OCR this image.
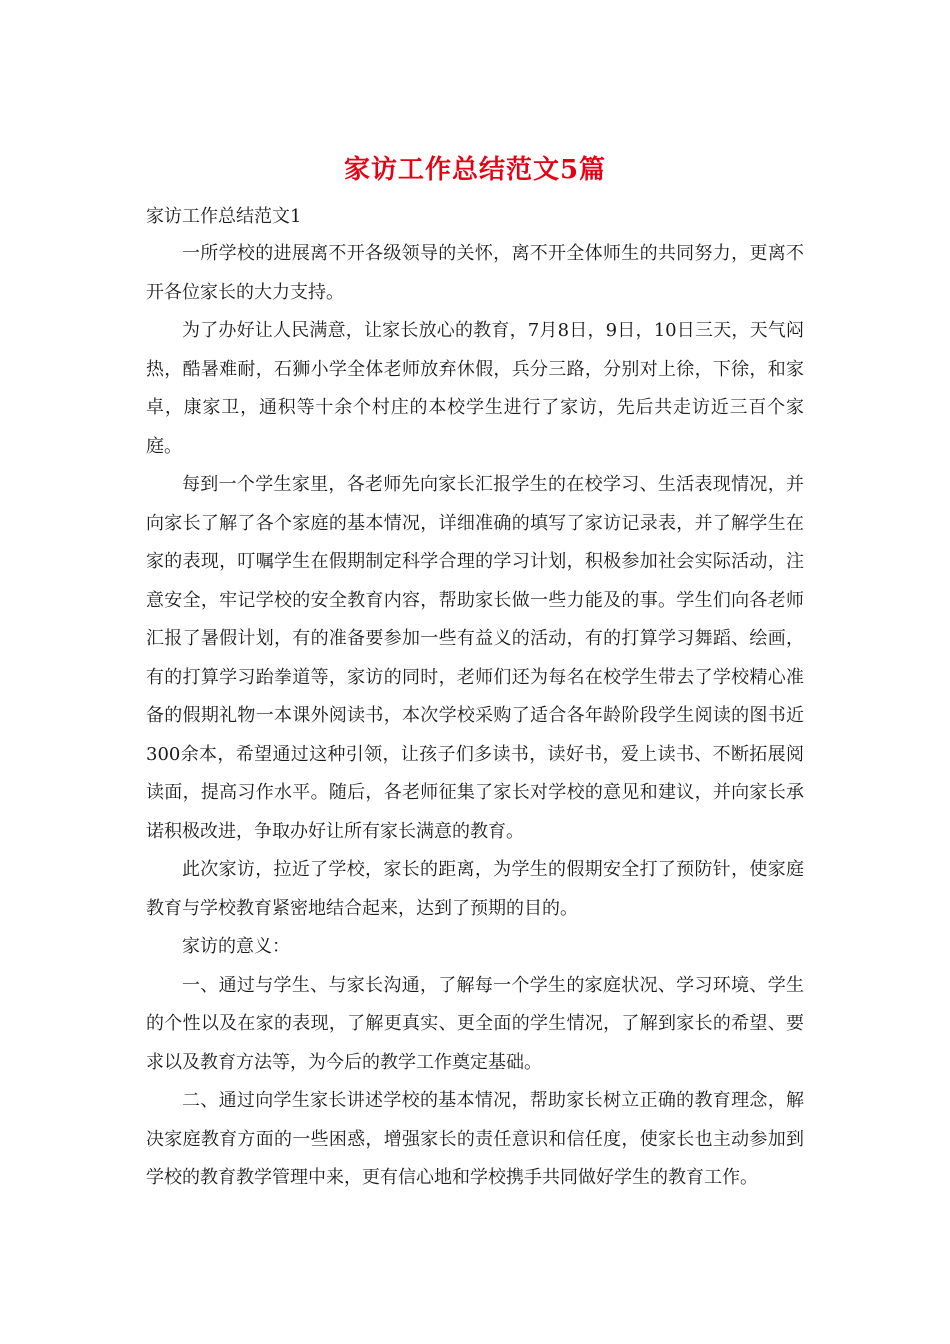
家访工作总结范文5篇

家访工作总结范文1

一所学校的进展离不开各级领导的关怀，离不开全体师生的共同努力，更离不开各位家长的大力支持。

为了办好让人民满意，让家长放心的教育，7月8日，9日，10日三天，天气闷热，酷暑难耐，石狮小学全体老师放弃休假，兵分三路，分别对上徐，下徐，和家卓，康家卫，通积等十余个村庄的本校学生进行了家访，先后共走访近三百个家庭。

每到一个学生家里，各老师先向家长汇报学生的在校学习、生活表现情况，并向家长了解了各个家庭的基本情况，详细准确的填写了家访记录表，并了解学生在家的表现，叮嘱学生在假期制定科学合理的学习计划，积极参加社会实际活动，注意安全，牢记学校的安全教育内容，帮助家长做一些力能及的事。学生们向各老师汇报了暑假计划，有的准备要参加一些有益义的活动，有的打算学习舞蹈、绘画，有的打算学习跆拳道等，家访的同时，老师们还为每名在校学生带去了学校精心准备的假期礼物一本课外阅读书，本次学校采购了适合各年龄阶段学生阅读的图书近300余本，希望通过这种引领，让孩子们多读书，读好书，爱上读书、不断拓展阅读面，提高习作水平。随后，各老师征集了家长对学校的意见和建议，并向家长承诺积极改进，争取办好让所有家长满意的教育。

此次家访，拉近了学校，家长的距离，为学生的假期安全打了预防针，使家庭教育与学校教育紧密地结合起来，达到了预期的目的。

家访的意义：

一、通过与学生、与家长沟通，了解每一个学生的家庭状况、学习环境、学生的个性以及在家的表现，了解更真实、更全面的学生情况，了解到家长的希望、要求以及教育方法等，为今后的教学工作奠定基础。

二、通过向学生家长讲述学校的基本情况，帮助家长树立正确的教育理念，解决家庭教育方面的一些困惑，增强家长的责任意识和信任度，使家长也主动参加到学校的教育教学管理中来，更有信心地和学校携手共同做好学生的教育工作。
